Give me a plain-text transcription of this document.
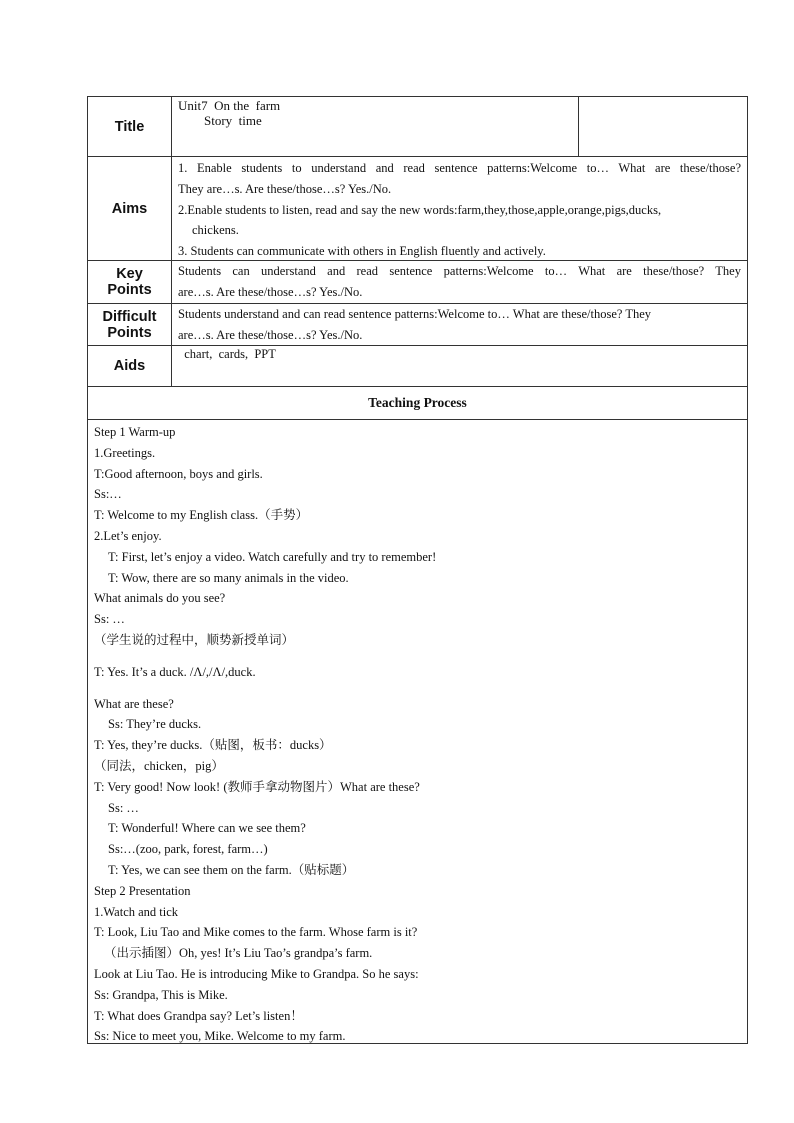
Title

Unit7  On the  farm

Story  time

Aims

1. Enable students to understand and read sentence patterns:Welcome to… What are these/those?

They are…s. Are these/those…s? Yes./No.

2.Enable students to listen, read and say the new words:farm,they,those,apple,orange,pigs,ducks,

chickens.

3. Students can communicate with others in English fluently and actively.

Key
Points

Students can understand and read sentence patterns:Welcome to… What are these/those? They

are…s. Are these/those…s? Yes./No.

Difficult
Points

Students understand and can read sentence patterns:Welcome to… What are these/those? They

are…s. Are these/those…s? Yes./No.

Aids

chart,  cards,  PPT

Teaching Process

Step 1 Warm-up

1.Greetings.

T:Good afternoon, boys and girls.

Ss:…

T: Welcome to my English class.（手势）

2.Let’s enjoy.

T: First, let’s enjoy a video. Watch carefully and try to remember!

T: Wow, there are so many animals in the video.

What animals do you see?

Ss: …

（学生说的过程中，顺势新授单词）

T: Yes. It’s a duck. /Λ/,/Λ/,duck.

What are these?

Ss: They’re ducks.

T: Yes, they’re ducks.（贴图，板书：ducks）

（同法，chicken，pig）

T: Very good! Now look! (教师手拿动物图片）What are these?

Ss: …

T: Wonderful! Where can we see them?

Ss:…(zoo, park, forest, farm…)

T: Yes, we can see them on the farm.（贴标题）

Step 2 Presentation

1.Watch and tick

T: Look, Liu Tao and Mike comes to the farm. Whose farm is it?

（出示插图）Oh, yes! It’s Liu Tao’s grandpa’s farm.

Look at Liu Tao. He is introducing Mike to Grandpa. So he says:

Ss: Grandpa, This is Mike.

T: What does Grandpa say? Let’s listen！

Ss: Nice to meet you, Mike. Welcome to my farm.
